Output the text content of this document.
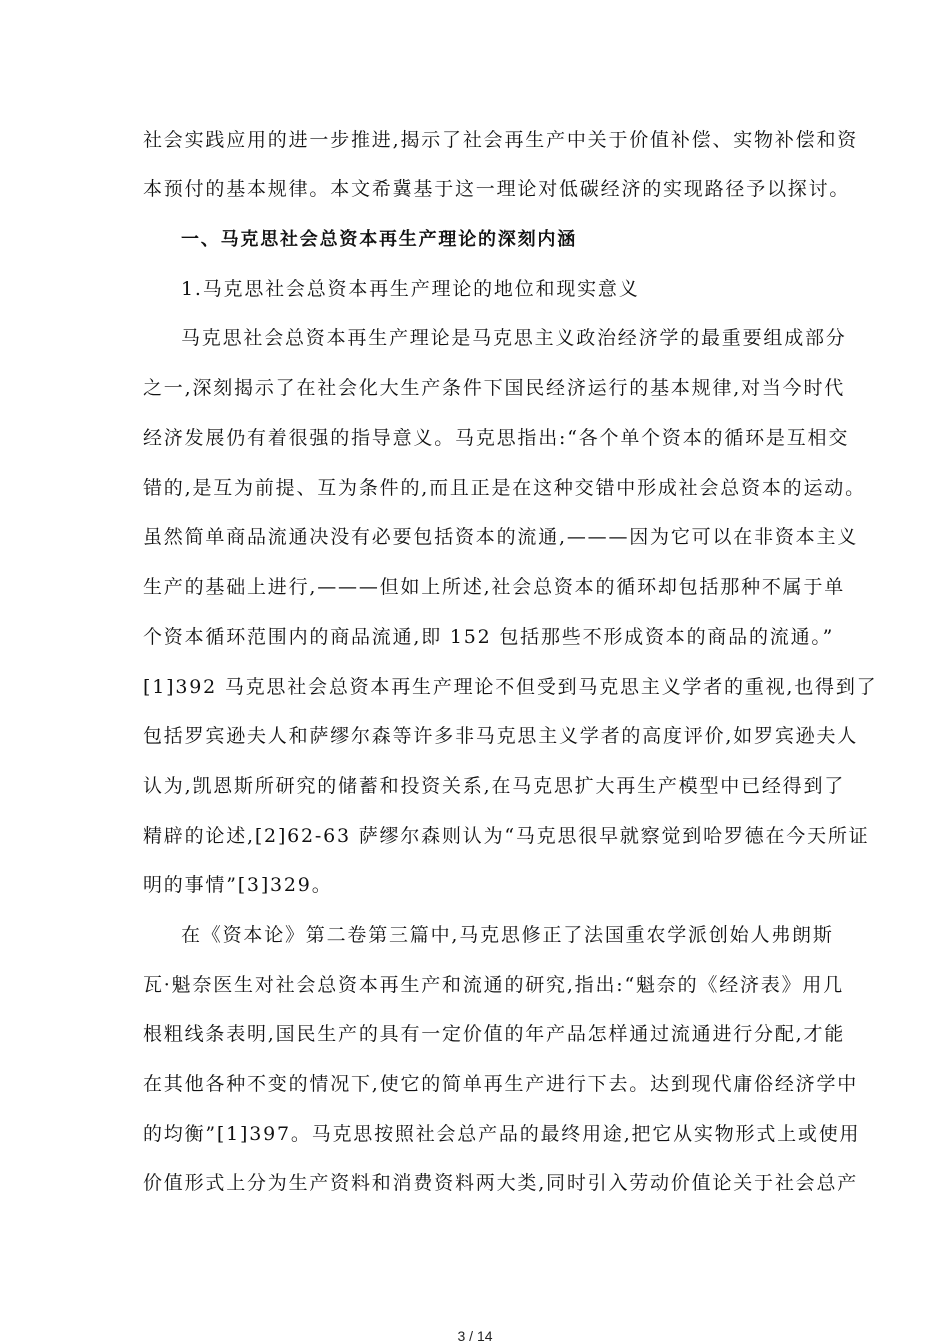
社会实践应用的进一步推进,揭示了社会再生产中关于价值补偿、实物补偿和资
本预付的基本规律。本文希冀基于这一理论对低碳经济的实现路径予以探讨。
一、马克思社会总资本再生产理论的深刻内涵
1.马克思社会总资本再生产理论的地位和现实意义
马克思社会总资本再生产理论是马克思主义政治经济学的最重要组成部分
之一,深刻揭示了在社会化大生产条件下国民经济运行的基本规律,对当今时代
经济发展仍有着很强的指导意义。马克思指出:“各个单个资本的循环是互相交
错的,是互为前提、互为条件的,而且正是在这种交错中形成社会总资本的运动。
虽然简单商品流通决没有必要包括资本的流通,———因为它可以在非资本主义
生产的基础上进行,———但如上所述,社会总资本的循环却包括那种不属于单
个资本循环范围内的商品流通,即 152 包括那些不形成资本的商品的流通。”
[1]392 马克思社会总资本再生产理论不但受到马克思主义学者的重视,也得到了
包括罗宾逊夫人和萨缪尔森等许多非马克思主义学者的高度评价,如罗宾逊夫人
认为,凯恩斯所研究的储蓄和投资关系,在马克思扩大再生产模型中已经得到了
精辟的论述,[2]62-63 萨缪尔森则认为“马克思很早就察觉到哈罗德在今天所证
明的事情”[3]329。
在《资本论》第二卷第三篇中,马克思修正了法国重农学派创始人弗朗斯
瓦·魁奈医生对社会总资本再生产和流通的研究,指出:“魁奈的《经济表》用几
根粗线条表明,国民生产的具有一定价值的年产品怎样通过流通进行分配,才能
在其他各种不变的情况下,使它的简单再生产进行下去。达到现代庸俗经济学中
的均衡”[1]397。马克思按照社会总产品的最终用途,把它从实物形式上或使用
价值形式上分为生产资料和消费资料两大类,同时引入劳动价值论关于社会总产
3 / 14
